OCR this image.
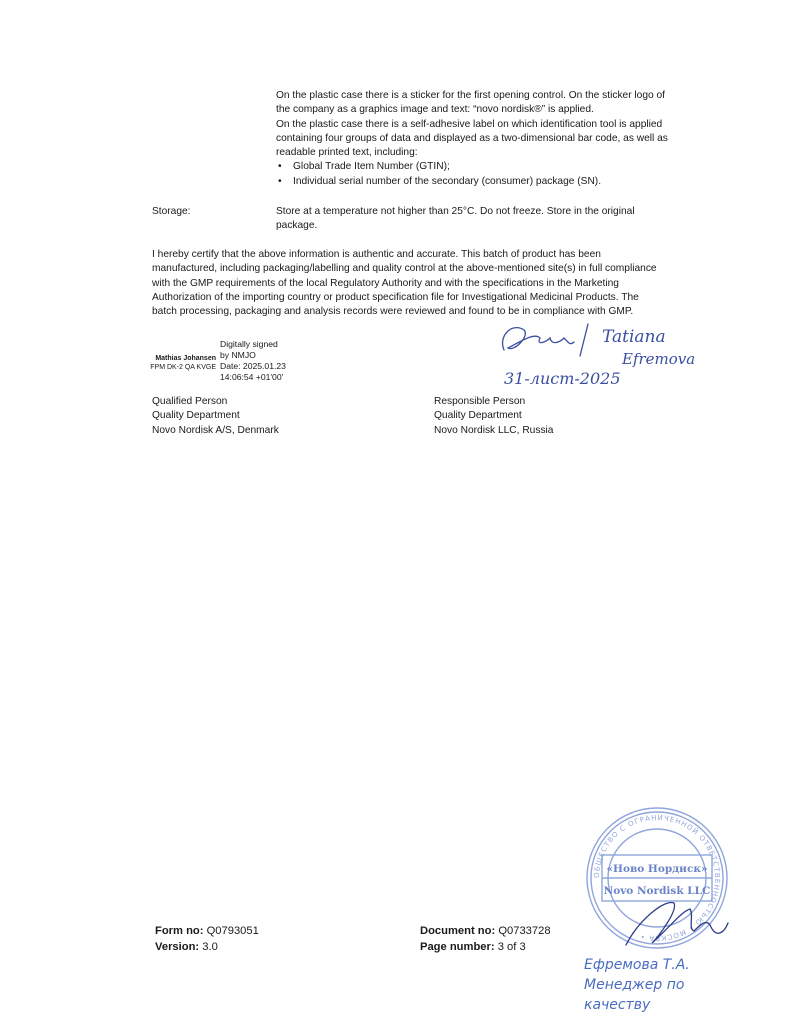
On the plastic case there is a sticker for the first opening control. On the sticker logo of the company as a graphics image and text: “novo nordisk®” is applied.

On the plastic case there is a self-adhesive label on which identification tool is applied containing four groups of data and displayed as a two-dimensional bar code, as well as readable printed text, including:

• Global Trade Item Number (GTIN);
• Individual serial number of the secondary (consumer) package (SN).
Storage:	Store at a temperature not higher than 25°C. Do not freeze. Store in the original package.
I hereby certify that the above information is authentic and accurate. This batch of product has been manufactured, including packaging/labelling and quality control at the above-mentioned site(s) in full compliance with the GMP requirements of the local Regulatory Authority and with the specifications in the Marketing Authorization of the importing country or product specification file for Investigational Medicinal Products. The batch processing, packaging and analysis records were reviewed and found to be in compliance with GMP.
Mathias Johansen
FPM DK-2 QA KVGE
Digitally signed
by NMJO
Date: 2025.01.23
14:06:54 +01'00'
Tatiana
Efremova
31-лист-2025
Qualified Person
Quality Department
Novo Nordisk A/S, Denmark
Responsible Person
Quality Department
Novo Nordisk LLC, Russia
ОБЩЕСТВО С ОГРАНИЧЕННОЙ ОТВЕТСТВЕННОСТЬЮ • МОСКВА •
«Ново Нордиск»
Novo Nordisk LLC
Ефремова Т.А.
Менеджер по качеству
Form no: Q0793051
Version: 3.0
Document no: Q0733728
Page number: 3 of 3
